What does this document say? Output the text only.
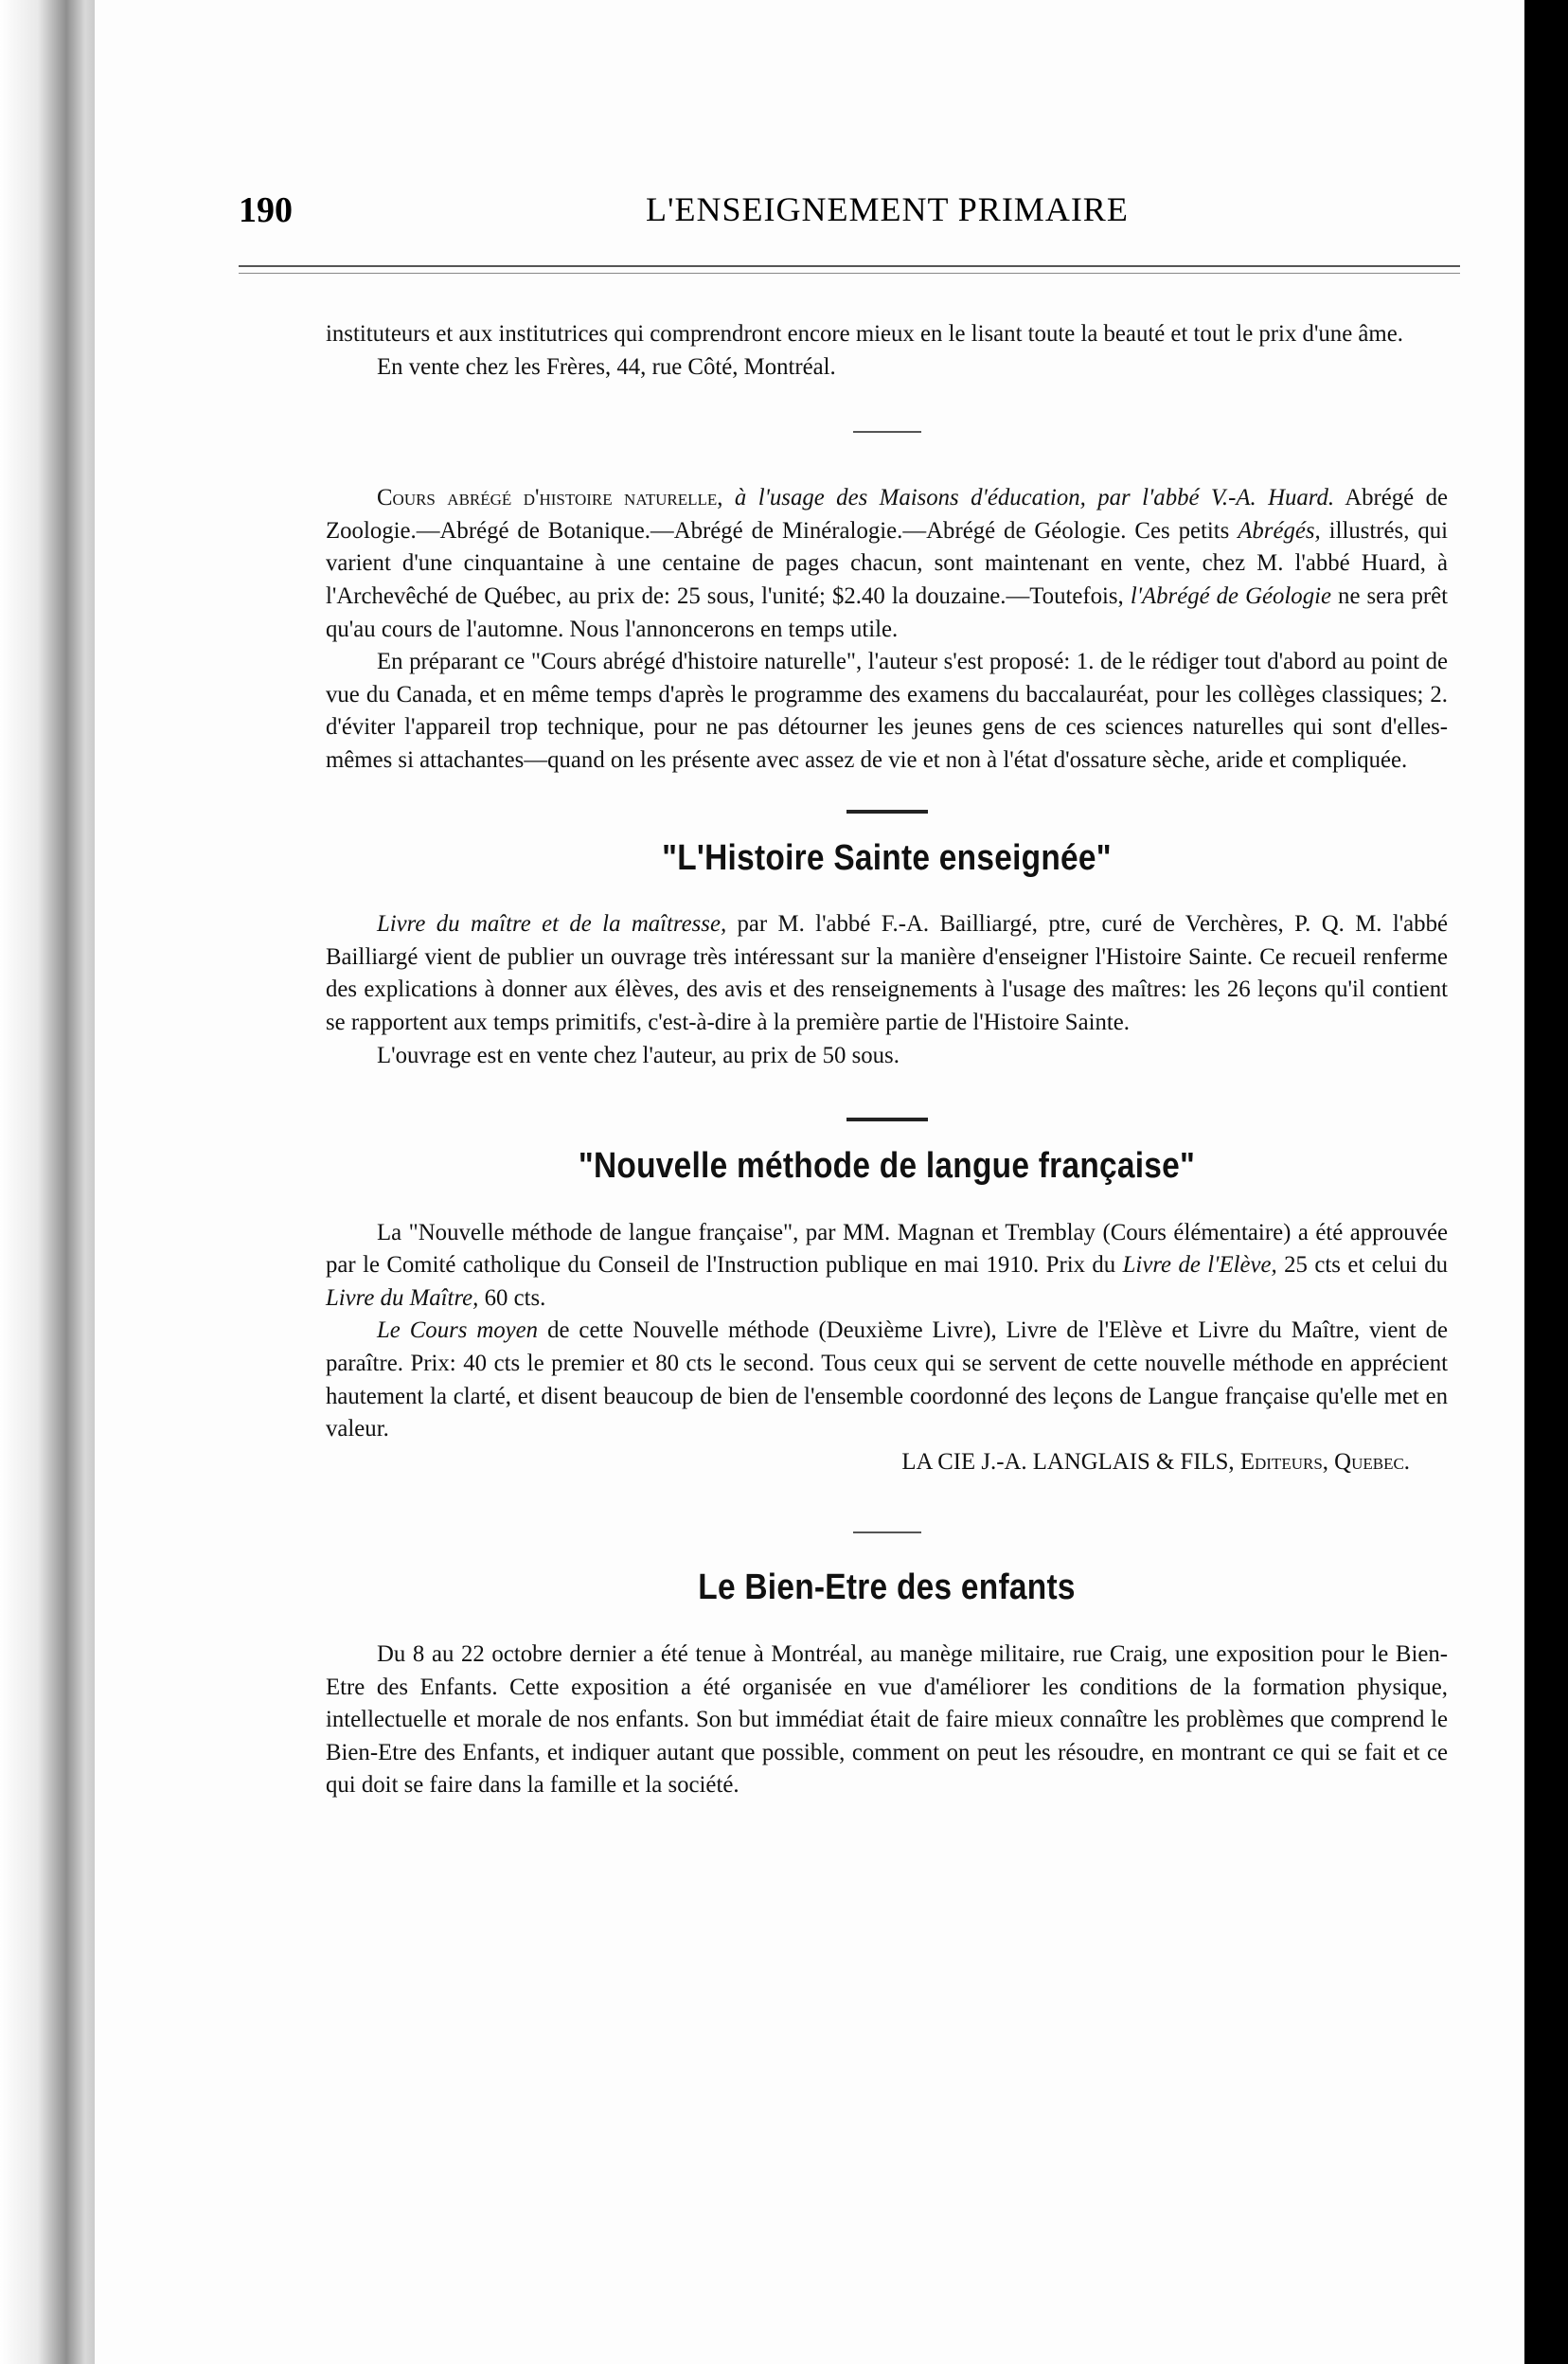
I
c
l
s
t
190	L'ENSEIGNEMENT PRIMAIRE

instituteurs et aux institutrices qui comprendront encore mieux en le lisant toute la beauté et tout le prix d'une âme.

En vente chez les Frères, 44, rue Côté, Montréal.

Cours abrégé d'histoire naturelle, à l'usage des Maisons d'éducation, par l'abbé V.-A. Huard. Abrégé de Zoologie.—Abrégé de Botanique.—Abrégé de Minéralogie.—Abrégé de Géologie. Ces petits Abrégés, illustrés, qui varient d'une cinquantaine à une centaine de pages chacun, sont maintenant en vente, chez M. l'abbé Huard, à l'Archevêché de Québec, au prix de: 25 sous, l'unité; $2.40 la douzaine.—Toutefois, l'Abrégé de Géologie ne sera prêt qu'au cours de l'automne. Nous l'annoncerons en temps utile.

En préparant ce "Cours abrégé d'histoire naturelle", l'auteur s'est proposé: 1. de le rédiger tout d'abord au point de vue du Canada, et en même temps d'après le programme des examens du baccalauréat, pour les collèges classiques; 2. d'éviter l'appareil trop technique, pour ne pas détourner les jeunes gens de ces sciences naturelles qui sont d'elles-mêmes si attachantes—quand on les présente avec assez de vie et non à l'état d'ossature sèche, aride et compliquée.

"L'Histoire Sainte enseignée"

Livre du maître et de la maîtresse, par M. l'abbé F.-A. Bailliargé, ptre, curé de Verchères, P. Q. M. l'abbé Bailliargé vient de publier un ouvrage très intéressant sur la manière d'enseigner l'Histoire Sainte. Ce recueil renferme des explications à donner aux élèves, des avis et des renseignements à l'usage des maîtres: les 26 leçons qu'il contient se rapportent aux temps primitifs, c'est-à-dire à la première partie de l'Histoire Sainte.

L'ouvrage est en vente chez l'auteur, au prix de 50 sous.

"Nouvelle méthode de langue française"

La "Nouvelle méthode de langue française", par MM. Magnan et Tremblay (Cours élémentaire) a été approuvée par le Comité catholique du Conseil de l'Instruction publique en mai 1910. Prix du Livre de l'Elève, 25 cts et celui du Livre du Maître, 60 cts.

Le Cours moyen de cette Nouvelle méthode (Deuxième Livre), Livre de l'Elève et Livre du Maître, vient de paraître. Prix: 40 cts le premier et 80 cts le second. Tous ceux qui se servent de cette nouvelle méthode en apprécient hautement la clarté, et disent beaucoup de bien de l'ensemble coordonné des leçons de Langue française qu'elle met en valeur.

LA CIE J.-A. LANGLAIS & FILS, Editeurs, Quebec.

Le Bien-Etre des enfants

Du 8 au 22 octobre dernier a été tenue à Montréal, au manège militaire, rue Craig, une exposition pour le Bien-Etre des Enfants. Cette exposition a été organisée en vue d'améliorer les conditions de la formation physique, intellectuelle et morale de nos enfants. Son but immédiat était de faire mieux connaître les problèmes que comprend le Bien-Etre des Enfants, et indiquer autant que possible, comment on peut les résoudre, en montrant ce qui se fait et ce qui doit se faire dans la famille et la société.
